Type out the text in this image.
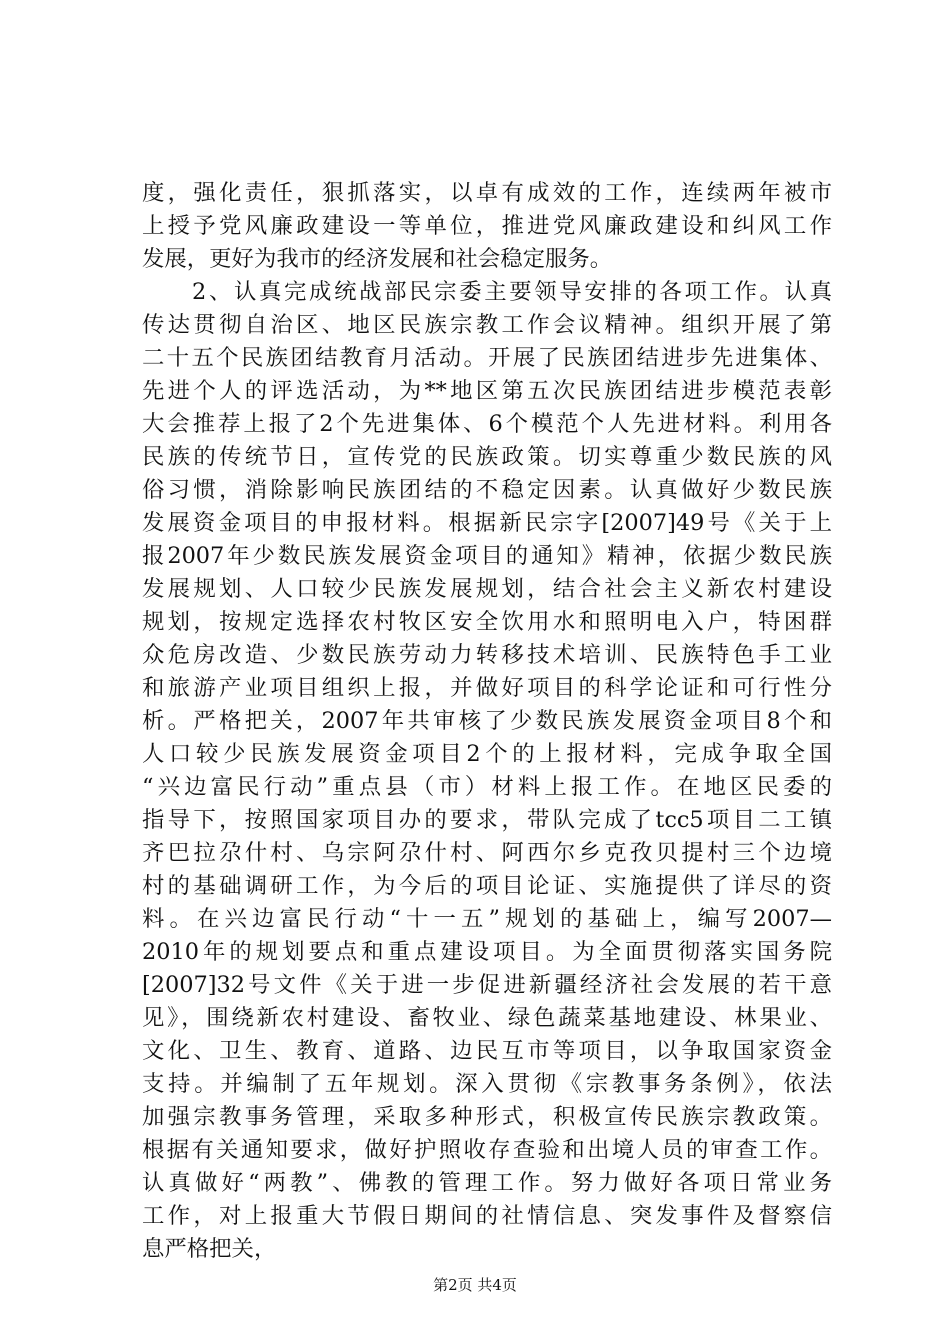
度，强化责任，狠抓落实，以卓有成效的工作，连续两年被市
上授予党风廉政建设一等单位，推进党风廉政建设和纠风工作
发展，更好为我市的经济发展和社会稳定服务。
　　2、认真完成统战部民宗委主要领导安排的各项工作。认真
传达贯彻自治区、地区民族宗教工作会议精神。组织开展了第
二十五个民族团结教育月活动。开展了民族团结进步先进集体、
先进个人的评选活动，为**地区第五次民族团结进步模范表彰
大会推荐上报了2个先进集体、6个模范个人先进材料。利用各
民族的传统节日，宣传党的民族政策。切实尊重少数民族的风
俗习惯，消除影响民族团结的不稳定因素。认真做好少数民族
发展资金项目的申报材料。根据新民宗字[2007]49号《关于上
报2007年少数民族发展资金项目的通知》精神，依据少数民族
发展规划、人口较少民族发展规划，结合社会主义新农村建设
规划，按规定选择农村牧区安全饮用水和照明电入户，特困群
众危房改造、少数民族劳动力转移技术培训、民族特色手工业
和旅游产业项目组织上报，并做好项目的科学论证和可行性分
析。严格把关，2007年共审核了少数民族发展资金项目8个和
人口较少民族发展资金项目2个的上报材料，完成争取全国
“兴边富民行动”重点县（市）材料上报工作。在地区民委的
指导下，按照国家项目办的要求，带队完成了tcc5项目二工镇
齐巴拉尕什村、乌宗阿尕什村、阿西尔乡克孜贝提村三个边境
村的基础调研工作，为今后的项目论证、实施提供了详尽的资
料。在兴边富民行动“十一五”规划的基础上，编写2007—
2010年的规划要点和重点建设项目。为全面贯彻落实国务院
[2007]32号文件《关于进一步促进新疆经济社会发展的若干意
见》，围绕新农村建设、畜牧业、绿色蔬菜基地建设、林果业、
文化、卫生、教育、道路、边民互市等项目，以争取国家资金
支持。并编制了五年规划。深入贯彻《宗教事务条例》，依法
加强宗教事务管理，采取多种形式，积极宣传民族宗教政策。
根据有关通知要求，做好护照收存查验和出境人员的审查工作。
认真做好“两教”、佛教的管理工作。努力做好各项日常业务
工作，对上报重大节假日期间的社情信息、突发事件及督察信
息严格把关，
第2页 共4页
